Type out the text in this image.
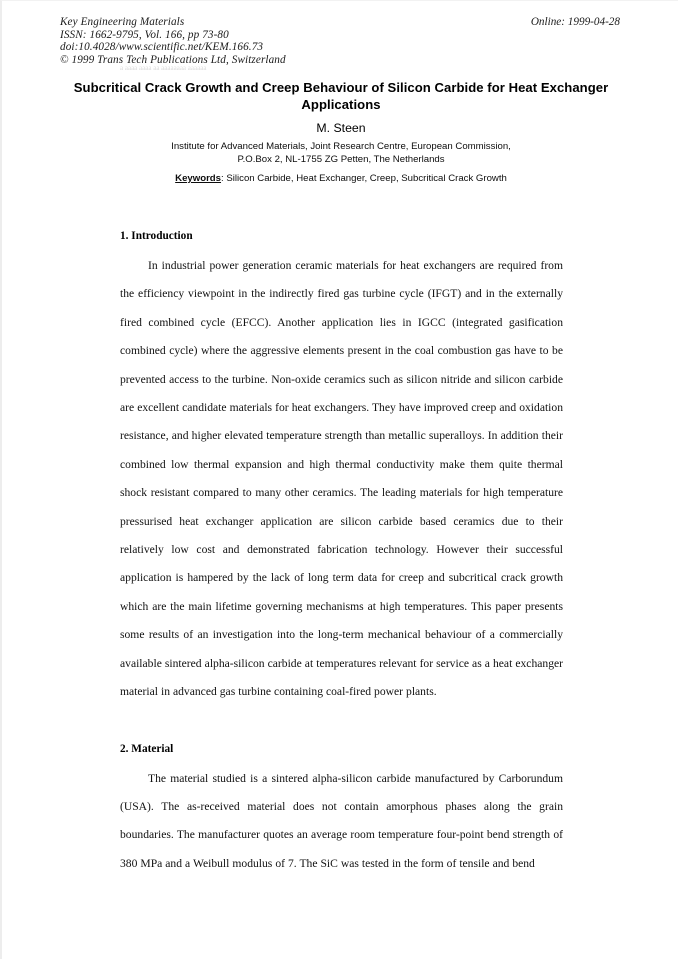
Key Engineering Materials
ISSN: 1662-9795, Vol. 166, pp 73-80
doi:10.4028/www.scientific.net/KEM.166.73
© 1999 Trans Tech Publications Ltd, Switzerland
a aaaa aaaa aa aaaaaaaa aaaaaa
Online: 1999-04-28
Subcritical Crack Growth and Creep Behaviour of Silicon Carbide for Heat Exchanger Applications
M. Steen
Institute for Advanced Materials, Joint Research Centre, European Commission,
P.O.Box 2, NL-1755 ZG Petten, The Netherlands
Keywords: Silicon Carbide, Heat Exchanger, Creep, Subcritical Crack Growth
1. Introduction

In industrial power generation ceramic materials for heat exchangers are required from the efficiency viewpoint in the indirectly fired gas turbine cycle (IFGT) and in the externally fired combined cycle (EFCC). Another application lies in IGCC (integrated gasification combined cycle) where the aggressive elements present in the coal combustion gas have to be prevented access to the turbine. Non-oxide ceramics such as silicon nitride and silicon carbide are excellent candidate materials for heat exchangers. They have improved creep and oxidation resistance, and higher elevated temperature strength than metallic superalloys. In addition their combined low thermal expansion and high thermal conductivity make them quite thermal shock resistant compared to many other ceramics. The leading materials for high temperature pressurised heat exchanger application are silicon carbide based ceramics due to their relatively low cost and demonstrated fabrication technology. However their successful application is hampered by the lack of long term data for creep and subcritical crack growth which are the main lifetime governing mechanisms at high temperatures. This paper presents some results of an investigation into the long-term mechanical behaviour of a commercially available sintered alpha-silicon carbide at temperatures relevant for service as a heat exchanger material in advanced gas turbine containing coal-fired power plants.

2. Material

The material studied is a sintered alpha-silicon carbide manufactured by Carborundum (USA). The as-received material does not contain amorphous phases along the grain boundaries. The manufacturer quotes an average room temperature four-point bend strength of 380 MPa and a Weibull modulus of 7. The SiC was tested in the form of tensile and bend
